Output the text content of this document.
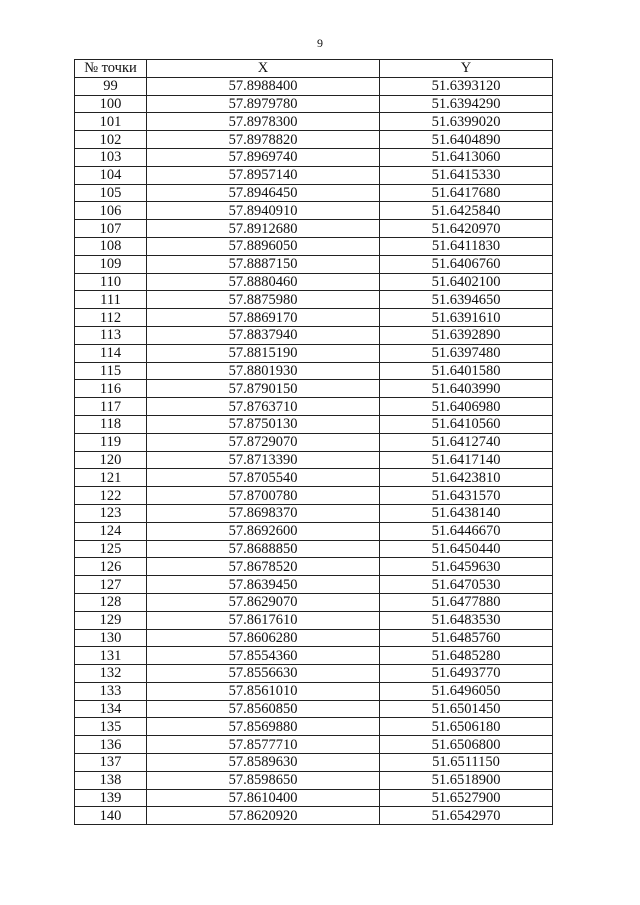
9
№ точки	X	Y
99	57.8988400	51.6393120
100	57.8979780	51.6394290
101	57.8978300	51.6399020
102	57.8978820	51.6404890
103	57.8969740	51.6413060
104	57.8957140	51.6415330
105	57.8946450	51.6417680
106	57.8940910	51.6425840
107	57.8912680	51.6420970
108	57.8896050	51.6411830
109	57.8887150	51.6406760
110	57.8880460	51.6402100
111	57.8875980	51.6394650
112	57.8869170	51.6391610
113	57.8837940	51.6392890
114	57.8815190	51.6397480
115	57.8801930	51.6401580
116	57.8790150	51.6403990
117	57.8763710	51.6406980
118	57.8750130	51.6410560
119	57.8729070	51.6412740
120	57.8713390	51.6417140
121	57.8705540	51.6423810
122	57.8700780	51.6431570
123	57.8698370	51.6438140
124	57.8692600	51.6446670
125	57.8688850	51.6450440
126	57.8678520	51.6459630
127	57.8639450	51.6470530
128	57.8629070	51.6477880
129	57.8617610	51.6483530
130	57.8606280	51.6485760
131	57.8554360	51.6485280
132	57.8556630	51.6493770
133	57.8561010	51.6496050
134	57.8560850	51.6501450
135	57.8569880	51.6506180
136	57.8577710	51.6506800
137	57.8589630	51.6511150
138	57.8598650	51.6518900
139	57.8610400	51.6527900
140	57.8620920	51.6542970
